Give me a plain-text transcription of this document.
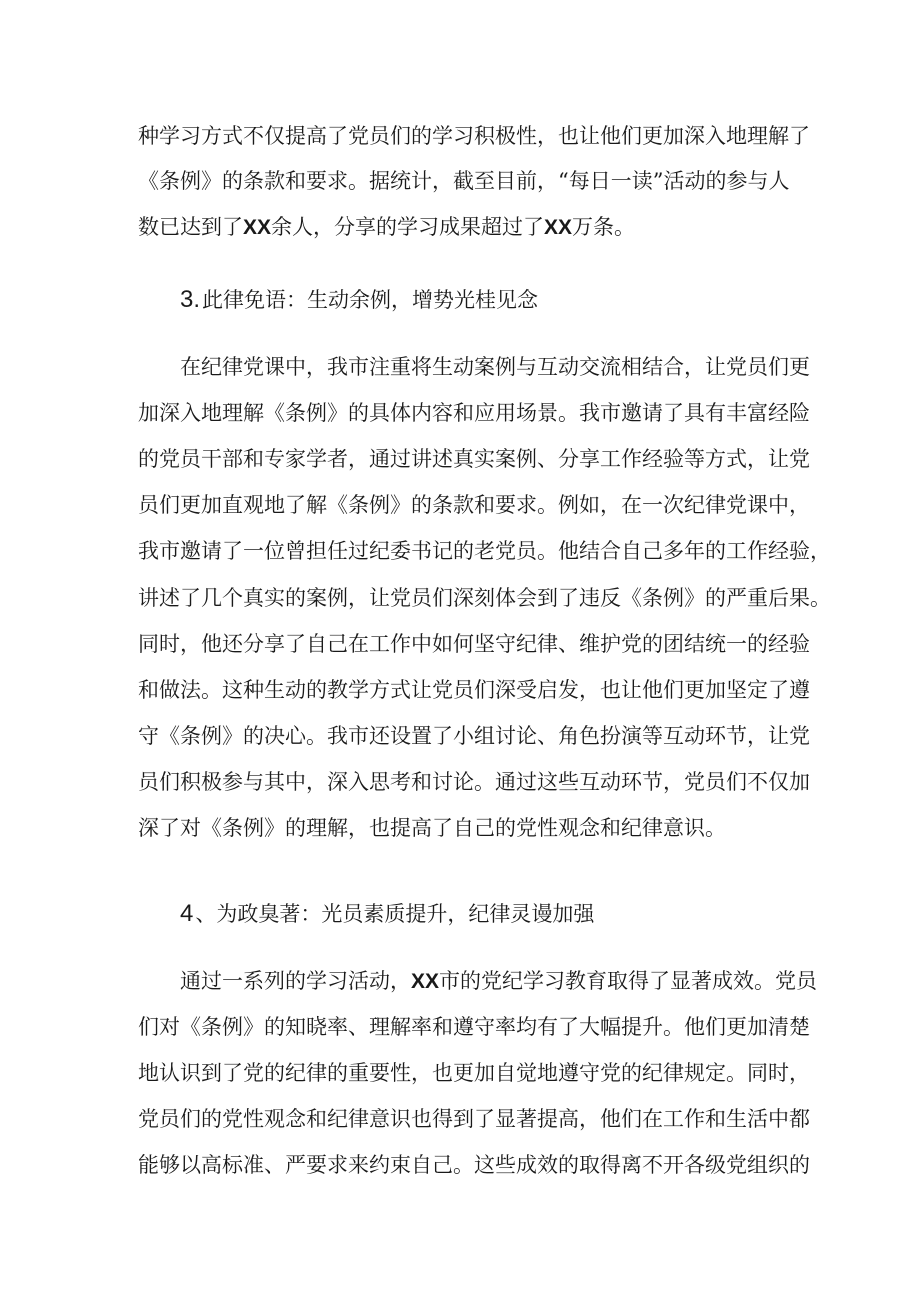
种学习方式不仅提高了党员们的学习积极性，也让他们更加深入地理解了
《条例》的条款和要求。据统计，截至目前，“每日一读”活动的参与人
数已达到了XX余人，分享的学习成果超过了XX万条。
3.此律免语：生动余例，增势光桂见念
在纪律党课中，我市注重将生动案例与互动交流相结合，让党员们更
加深入地理解《条例》的具体内容和应用场景。我市邀请了具有丰富经险
的党员干部和专家学者，通过讲述真实案例、分享工作经验等方式，让党
员们更加直观地了解《条例》的条款和要求。例如，在一次纪律党课中，
我市邀请了一位曾担任过纪委书记的老党员。他结合自己多年的工作经验，
讲述了几个真实的案例，让党员们深刻体会到了违反《条例》的严重后果。
同时，他还分享了自己在工作中如何坚守纪律、维护党的团结统一的经验
和做法。这种生动的教学方式让党员们深受启发，也让他们更加坚定了遵
守《条例》的决心。我市还设置了小组讨论、角色扮演等互动环节，让党
员们积极参与其中，深入思考和讨论。通过这些互动环节，党员们不仅加
深了对《条例》的理解，也提高了自己的党性观念和纪律意识。
4、为政臭著：光员素质提升，纪律灵谩加强
通过一系列的学习活动，XX市的党纪学习教育取得了显著成效。党员
们对《条例》的知晓率、理解率和遵守率均有了大幅提升。他们更加清楚
地认识到了党的纪律的重要性，也更加自觉地遵守党的纪律规定。同时，
党员们的党性观念和纪律意识也得到了显著提高，他们在工作和生活中都
能够以高标准、严要求来约束自己。这些成效的取得离不开各级党组织的
